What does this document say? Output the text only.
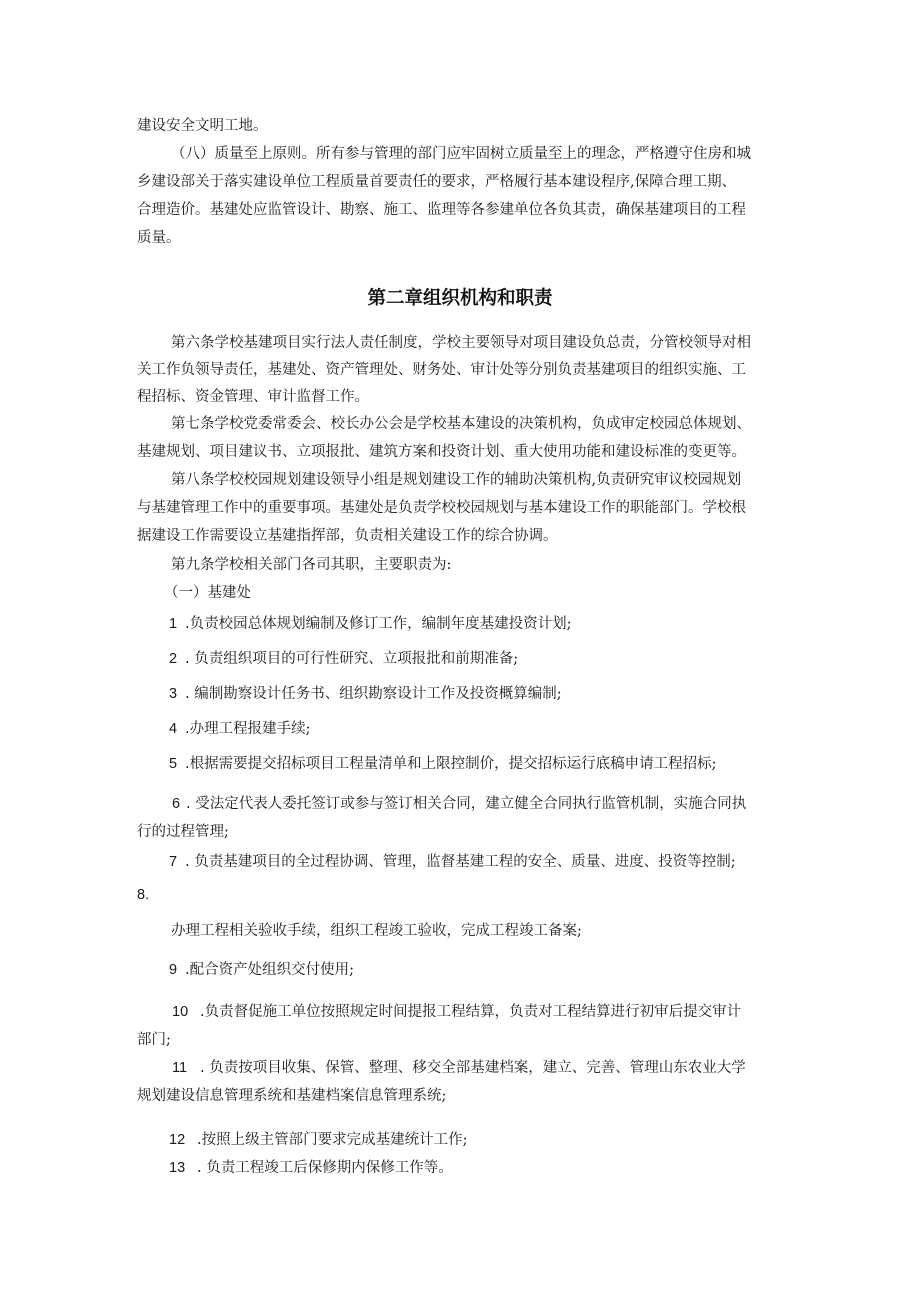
建设安全文明工地。
（八）质量至上原则。所有参与管理的部门应牢固树立质量至上的理念，严格遵守住房和城
乡建设部关于落实建设单位工程质量首要责任的要求，严格履行基本建设程序,保障合理工期、
合理造价。基建处应监管设计、勘察、施工、监理等各参建单位各负其责，确保基建项目的工程
质量。
第二章组织机构和职责
第六条学校基建项目实行法人责任制度，学校主要领导对项目建设负总责，分管校领导对相
关工作负领导责任，基建处、资产管理处、财务处、审计处等分别负责基建项目的组织实施、工
程招标、资金管理、审计监督工作。
第七条学校党委常委会、校长办公会是学校基本建设的决策机构，负成审定校园总体规划、
基建规划、项目建议书、立项报批、建筑方案和投资计划、重大使用功能和建设标准的变更等。
第八条学校校园规划建设领导小组是规划建设工作的辅助决策机构,负责研究审议校园规划
与基建管理工作中的重要事项。基建处是负责学校校园规划与基本建设工作的职能部门。学校根
据建设工作需要设立基建指挥部，负责相关建设工作的综合协调。
第九条学校相关部门各司其职，主要职责为:
（一）基建处
1 .负责校园总体规划编制及修订工作，编制年度基建投资计划;
2 . 负责组织项目的可行性研究、立项报批和前期准备;
3 . 编制勘察设计任务书、组织勘察设计工作及投资概算编制;
4 .办理工程报建手续;
5 .根据需要提交招标项目工程量清单和上限控制价，提交招标运行底稿申请工程招标;
6 . 受法定代表人委托签订或参与签订相关合同，建立健全合同执行监管机制，实施合同执
行的过程管理;
7 . 负责基建项目的全过程协调、管理，监督基建工程的安全、质量、进度、投资等控制;
8.
办理工程相关验收手续，组织工程竣工验收，完成工程竣工备案;
9 .配合资产处组织交付使用;
10 .负责督促施工单位按照规定时间提报工程结算，负责对工程结算进行初审后提交审计
部门;
11 . 负责按项目收集、保管、整理、移交全部基建档案，建立、完善、管理山东农业大学
规划建设信息管理系统和基建档案信息管理系统;
12 .按照上级主管部门要求完成基建统计工作;
13 . 负责工程竣工后保修期内保修工作等。
